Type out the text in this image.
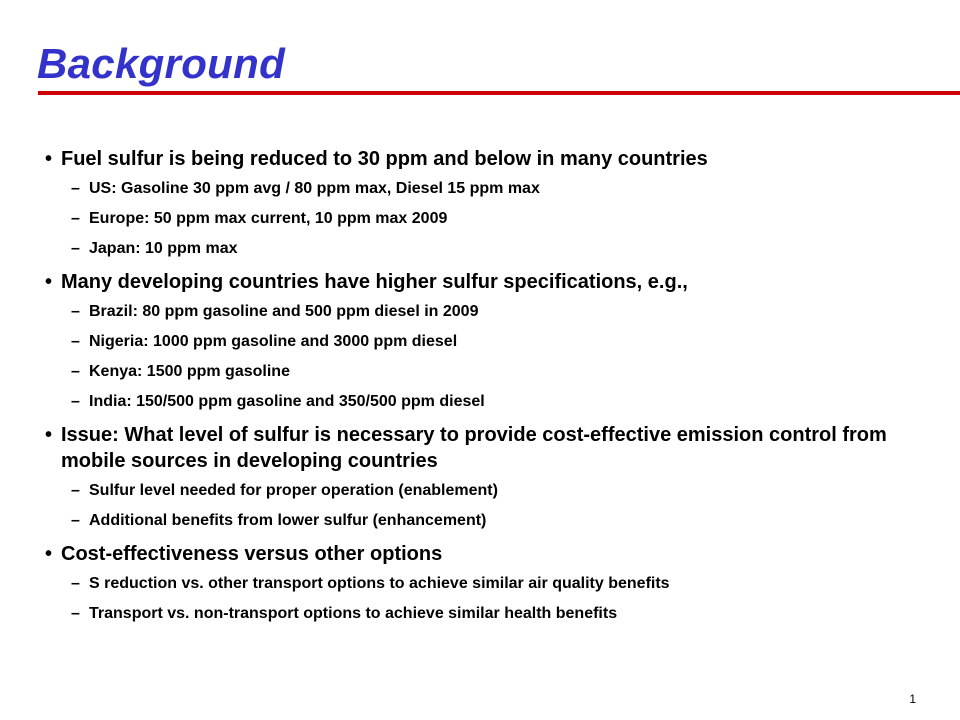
Background
• Fuel sulfur is being reduced to 30 ppm and below in many countries
– US: Gasoline 30 ppm avg / 80 ppm max, Diesel 15 ppm max
– Europe: 50 ppm max current, 10 ppm max 2009
– Japan: 10 ppm max
• Many developing countries have higher sulfur specifications, e.g.,
– Brazil: 80 ppm gasoline and 500 ppm diesel in 2009
– Nigeria: 1000 ppm gasoline and 3000 ppm diesel
– Kenya: 1500 ppm gasoline
– India: 150/500 ppm gasoline and 350/500 ppm diesel
• Issue: What level of sulfur is necessary to provide cost-effective emission control from mobile sources in developing countries
– Sulfur level needed for proper operation (enablement)
– Additional benefits from lower sulfur (enhancement)
• Cost-effectiveness versus other options
– S reduction vs. other transport options to achieve similar air quality benefits
– Transport vs. non-transport options to achieve similar health benefits
1
